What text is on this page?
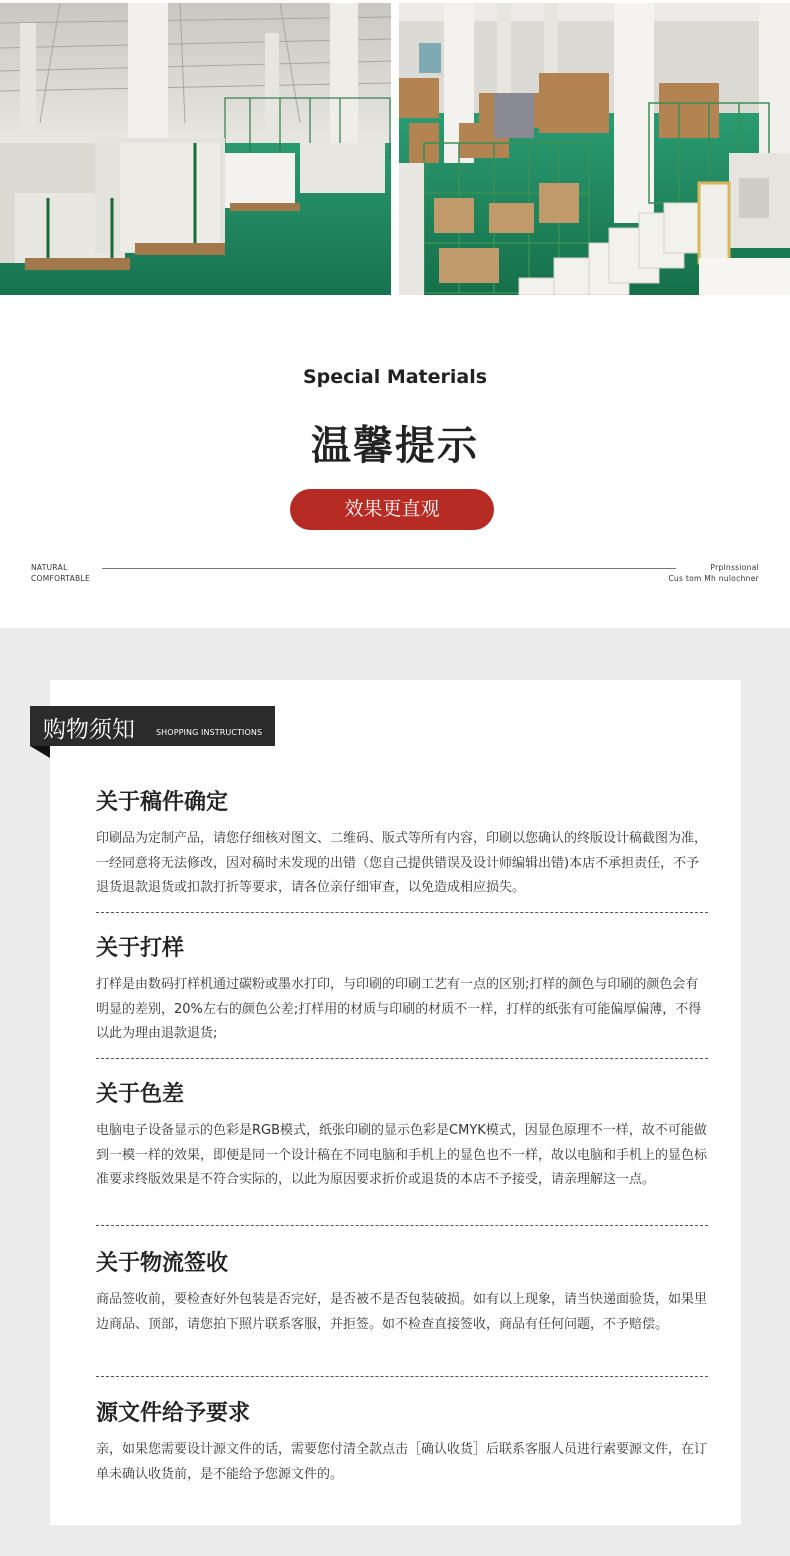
Special Materials
温馨提示
效果更直观
NATURAL
COMFORTABLE
Prplnssional
Cus tom Mh nulochner
购物须知	SHOPPING INSTRUCTIONS
关于稿件确定
印刷品为定制产品，请您仔细核对图文、二维码、版式等所有内容，印刷以您确认的终版设计稿截图为准，一经同意将无法修改，因对稿时未发现的出错（您自己提供错误及设计师编辑出错)本店不承担责任，不予退货退款退货或扣款打折等要求，请各位亲仔细审查，以免造成相应损失。
关于打样
打样是由数码打样机通过碳粉或墨水打印，与印刷的印刷工艺有一点的区别;打样的颜色与印刷的颜色会有明显的差别，20%左右的颜色公差;打样用的材质与印刷的材质不一样，打样的纸张有可能偏厚偏薄，不得以此为理由退款退货;
关于色差
电脑电子设备显示的色彩是RGB模式，纸张印刷的显示色彩是CMYK模式，因显色原理不一样，故不可能做到一模一样的效果，即便是同一个设计稿在不同电脑和手机上的显色也不一样，故以电脑和手机上的显色标准要求终版效果是不符合实际的，以此为原因要求折价或退货的本店不予接受，请亲理解这一点。
关于物流签收
商品签收前，要检查好外包装是否完好，是否被不是否包装破损。如有以上现象，请当快递面验货，如果里边商品、顶部，请您拍下照片联系客服，并拒签。如不检查直接签收，商品有任何问题，不予赔偿。
源文件给予要求
亲，如果您需要设计源文件的话，需要您付清全款点击［确认收货］后联系客服人员进行索要源文件，在订单未确认收货前，是不能给予您源文件的。
